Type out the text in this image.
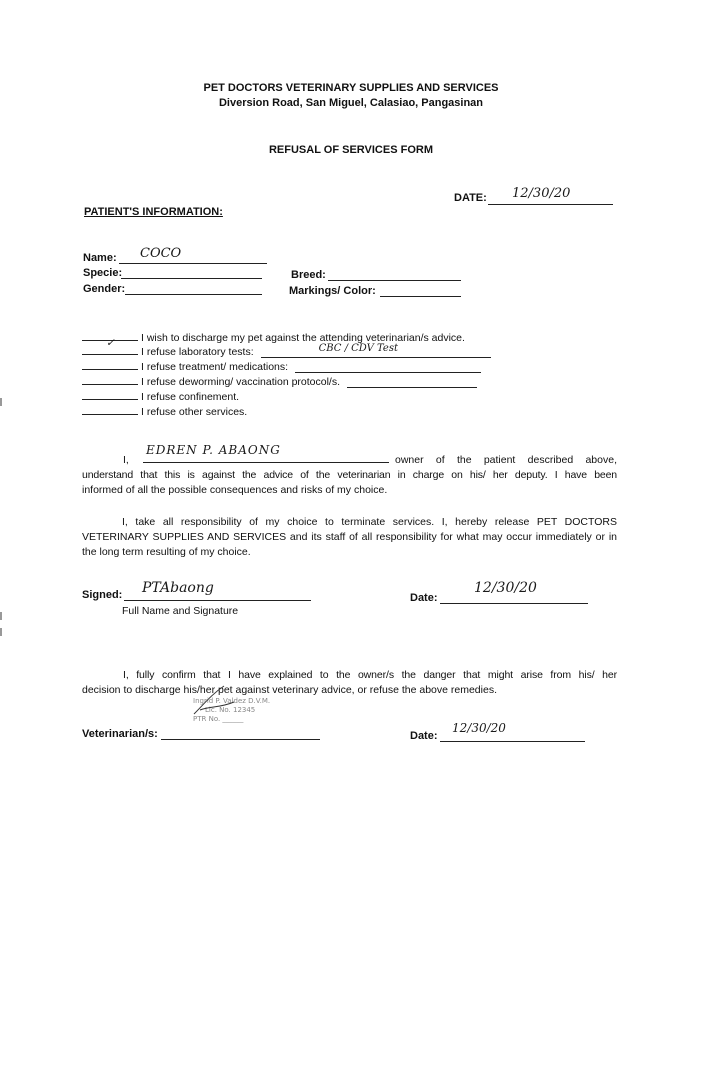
PET DOCTORS VETERINARY SUPPLIES AND SERVICES
Diversion Road, San Miguel, Calasiao, Pangasinan
REFUSAL OF SERVICES FORM
DATE: 12/30/20
PATIENT'S INFORMATION:
Name: COCO
Specie:
Gender:
Breed:
Markings/ Color:
I wish to discharge my pet against the attending veterinarian/s advice.
✓
I refuse laboratory tests:	CBC / CDV Test
I refuse treatment/ medications:
I refuse deworming/ vaccination protocol/s.
I refuse confinement.
I refuse other services.
I,
EDREN P. ABAONG
owner of the patient described above,
understand that this is against the advice of the veterinarian in charge on his/ her deputy. I have been
informed of all the possible consequences and risks of my choice.
I, take all responsibility of my choice to terminate services. I, hereby release PET DOCTORS VETERINARY SUPPLIES AND SERVICES and its staff of all responsibility for what may occur immediately or in the long term resulting of my choice.
Signed: PTAbaong
Full Name and Signature
Date:
12/30/20
I, fully confirm that I have explained to the owner/s the danger that might arise from his/ her
decision to discharge his/her pet against veterinary advice, or refuse the above remedies.
Ingrid P. Valdez D.V.M.
Lic. No. 12345
PTR No. ______
Veterinarian/s:	Date:
12/30/20
